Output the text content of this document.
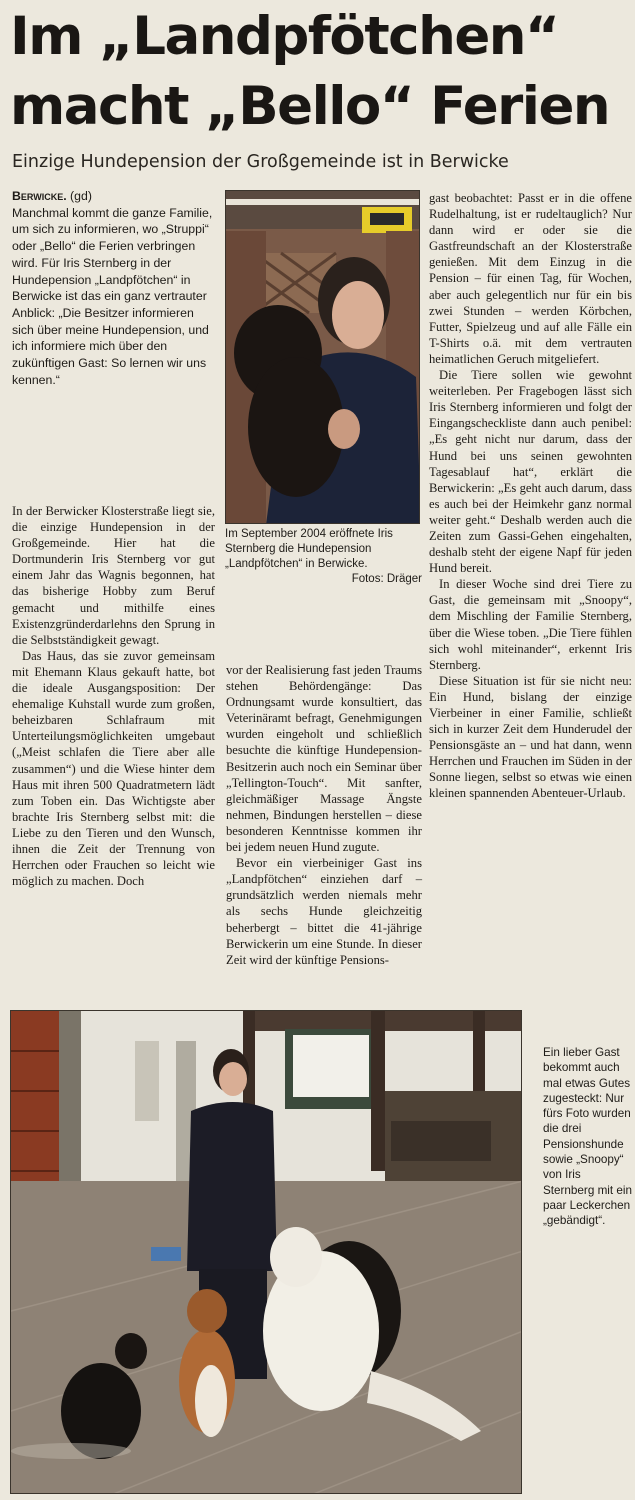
Im „Landpfötchen“
macht „Bello“ Ferien
Einzige Hundepension der Großgemeinde ist in Berwicke

Berwicke. (gd)

Manchmal kommt die ganze Familie, um sich zu informieren, wo „Struppi“ oder „Bello“ die Ferien verbringen wird. Für Iris Sternberg in der Hundepension „Landpfötchen“ in Berwicke ist das ein ganz vertrauter Anblick: „Die Besitzer informieren sich über meine Hundepension, und ich informiere mich über den zukünftigen Gast: So lernen wir uns kennen.“

In der Berwicker Klosterstraße liegt sie, die einzige Hundepension in der Großgemeinde. Hier hat die Dortmunderin Iris Sternberg vor gut einem Jahr das Wagnis begonnen, hat das bisherige Hobby zum Beruf gemacht und mithilfe eines Existenzgründerdarlehns den Sprung in die Selbstständigkeit gewagt.

Das Haus, das sie zuvor gemeinsam mit Ehemann Klaus gekauft hatte, bot die ideale Ausgangsposition: Der ehemalige Kuhstall wurde zum großen, beheizbaren Schlafraum mit Unterteilungsmöglichkeiten umgebaut („Meist schlafen die Tiere aber alle zusammen“) und die Wiese hinter dem Haus mit ihren 500 Quadratmetern lädt zum Toben ein. Das Wichtigste aber brachte Iris Sternberg selbst mit: die Liebe zu den Tieren und den Wunsch, ihnen die Zeit der Trennung von Herrchen oder Frauchen so leicht wie möglich zu machen. Doch

Im September 2004 eröffnete Iris Sternberg die Hundepension „Landpfötchen“ in Berwicke.
Fotos: Dräger

vor der Realisierung fast jeden Traums stehen Behördengänge: Das Ordnungsamt wurde konsultiert, das Veterinäramt befragt, Genehmigungen wurden eingeholt und schließlich besuchte die künftige Hundepension-Besitzerin auch noch ein Seminar über „Tellington-Touch“. Mit sanfter, gleichmäßiger Massage Ängste nehmen, Bindungen herstellen – diese besonderen Kenntnisse kommen ihr bei jedem neuen Hund zugute.

Bevor ein vierbeiniger Gast ins „Landpfötchen“ einziehen darf – grundsätzlich werden niemals mehr als sechs Hunde gleichzeitig beherbergt – bittet die 41-jährige Berwickerin um eine Stunde. In dieser Zeit wird der künftige Pensions-

gast beobachtet: Passt er in die offene Rudelhaltung, ist er rudeltauglich? Nur dann wird er oder sie die Gastfreundschaft an der Klosterstraße genießen. Mit dem Einzug in die Pension – für einen Tag, für Wochen, aber auch gelegentlich nur für ein bis zwei Stunden – werden Körbchen, Futter, Spielzeug und auf alle Fälle ein T-Shirts o.ä. mit dem vertrauten heimatlichen Geruch mitgeliefert.

Die Tiere sollen wie gewohnt weiterleben. Per Fragebogen lässt sich Iris Sternberg informieren und folgt der Eingangscheckliste dann auch penibel: „Es geht nicht nur darum, dass der Hund bei uns seinen gewohnten Tagesablauf hat“, erklärt die Berwickerin: „Es geht auch darum, dass es auch bei der Heimkehr ganz normal weiter geht.“ Deshalb werden auch die Zeiten zum Gassi-Gehen eingehalten, deshalb steht der eigene Napf für jeden Hund bereit.

In dieser Woche sind drei Tiere zu Gast, die gemeinsam mit „Snoopy“, dem Mischling der Familie Sternberg, über die Wiese toben. „Die Tiere fühlen sich wohl miteinander“, erkennt Iris Sternberg.

Diese Situation ist für sie nicht neu: Ein Hund, bislang der einzige Vierbeiner in einer Familie, schließt sich in kurzer Zeit dem Hunderudel der Pensionsgäste an – und hat dann, wenn Herrchen und Frauchen im Süden in der Sonne liegen, selbst so etwas wie einen kleinen spannenden Abenteuer-Urlaub.

Ein lieber Gast bekommt auch mal etwas Gutes zugesteckt: Nur fürs Foto wurden die drei Pensionshunde sowie „Snoopy“ von Iris Sternberg mit ein paar Leckerchen „gebändigt“.
